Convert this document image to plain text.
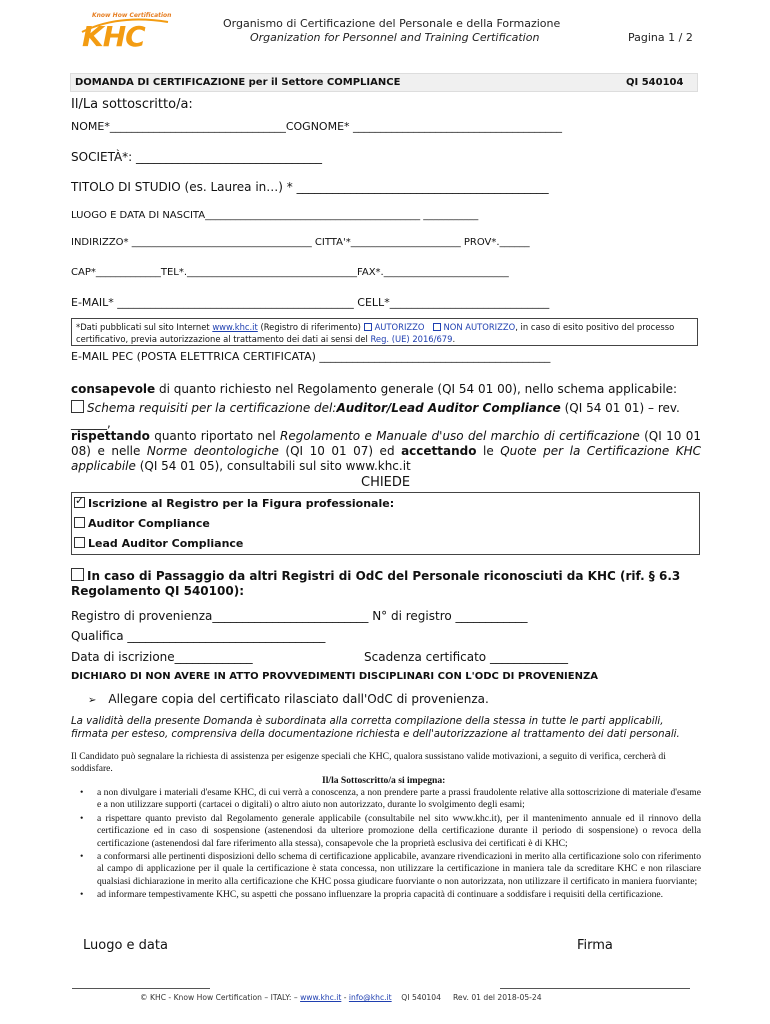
Know How Certification
KHC	Organismo di Certificazione del Personale e della Formazione
Organization for Personnel and Training Certification	Pagina 1 / 2
DOMANDA DI CERTIFICAZIONE per il Settore COMPLIANCE	QI 540104
Il/La sottoscritto/a:
NOME*________________________________COGNOME* ______________________________________
SOCIETÀ*: _______________________________
TITOLO DI STUDIO (es. Laurea in…) * __________________________________________
LUOGO E DATA DI NASCITA___________________________________________ ___________
INDIRIZZO* ____________________________________ CITTA'*______________________ PROV*.______
CAP*_____________TEL*.__________________________________FAX*._________________________
E-MAIL* ___________________________________________ CELL*_____________________________
*Dati pubblicati sul sito Internet www.khc.it (Registro di riferimento) AUTORIZZO NON AUTORIZZO, in caso di esito positivo del processo certificativo, previa autorizzazione al trattamento dei dati ai sensi del Reg. (UE) 2016/679.
E-MAIL PEC (POSTA ELETTRICA CERTIFICATA) __________________________________________
consapevole di quanto richiesto nel Regolamento generale (QI 54 01 00), nello schema applicabile:
Schema requisiti per la certificazione del:Auditor/Lead Auditor Compliance (QI 54 01 01) – rev. ______,
rispettando quanto riportato nel Regolamento e Manuale d'uso del marchio di certificazione (QI 10 01 08) e nelle Norme deontologiche (QI 10 01 07) ed accettando le Quote per la Certificazione KHC applicabile (QI 54 01 05), consultabili sul sito www.khc.it
CHIEDE
✓Iscrizione al Registro per la Figura professionale:
Auditor Compliance
Lead Auditor Compliance
In caso di Passaggio da altri Registri di OdC del Personale riconosciuti da KHC (rif. § 6.3 Regolamento QI 540100):
Registro di provenienza__________________________ N° di registro ____________
Qualifica _________________________________
Data di iscrizione_____________	Scadenza certificato _____________
DICHIARO DI NON AVERE IN ATTO PROVVEDIMENTI DISCIPLINARI CON L'ODC DI PROVENIENZA
➢ Allegare copia del certificato rilasciato dall'OdC di provenienza.
La validità della presente Domanda è subordinata alla corretta compilazione della stessa in tutte le parti applicabili, firmata per esteso, comprensiva della documentazione richiesta e dell'autorizzazione al trattamento dei dati personali.
Il Candidato può segnalare la richiesta di assistenza per esigenze speciali che KHC, qualora sussistano valide motivazioni, a seguito di verifica, cercherà di soddisfare.
Il/la Sottoscritto/a si impegna:
• a non divulgare i materiali d'esame KHC, di cui verrà a conoscenza, a non prendere parte a prassi fraudolente relative alla sottoscrizione di materiale d'esame e a non utilizzare supporti (cartacei o digitali) o altro aiuto non autorizzato, durante lo svolgimento degli esami;
• a rispettare quanto previsto dal Regolamento generale applicabile (consultabile nel sito www.khc.it), per il mantenimento annuale ed il rinnovo della certificazione ed in caso di sospensione (astenendosi da ulteriore promozione della certificazione durante il periodo di sospensione) o revoca della certificazione (astenendosi dal fare riferimento alla stessa), consapevole che la proprietà esclusiva dei certificati è di KHC;
• a conformarsi alle pertinenti disposizioni dello schema di certificazione applicabile, avanzare rivendicazioni in merito alla certificazione solo con riferimento al campo di applicazione per il quale la certificazione è stata concessa, non utilizzare la certificazione in maniera tale da screditare KHC e non rilasciare qualsiasi dichiarazione in merito alla certificazione che KHC possa giudicare fuorviante o non autorizzata, non utilizzare il certificato in maniera fuorviante;
• ad informare tempestivamente KHC, su aspetti che possano influenzare la propria capacità di continuare a soddisfare i requisiti della certificazione.
Luogo e data	Firma
© KHC - Know How Certification – ITALY: – www.khc.it - info@khc.it    QI 540104     Rev. 01 del 2018-05-24
